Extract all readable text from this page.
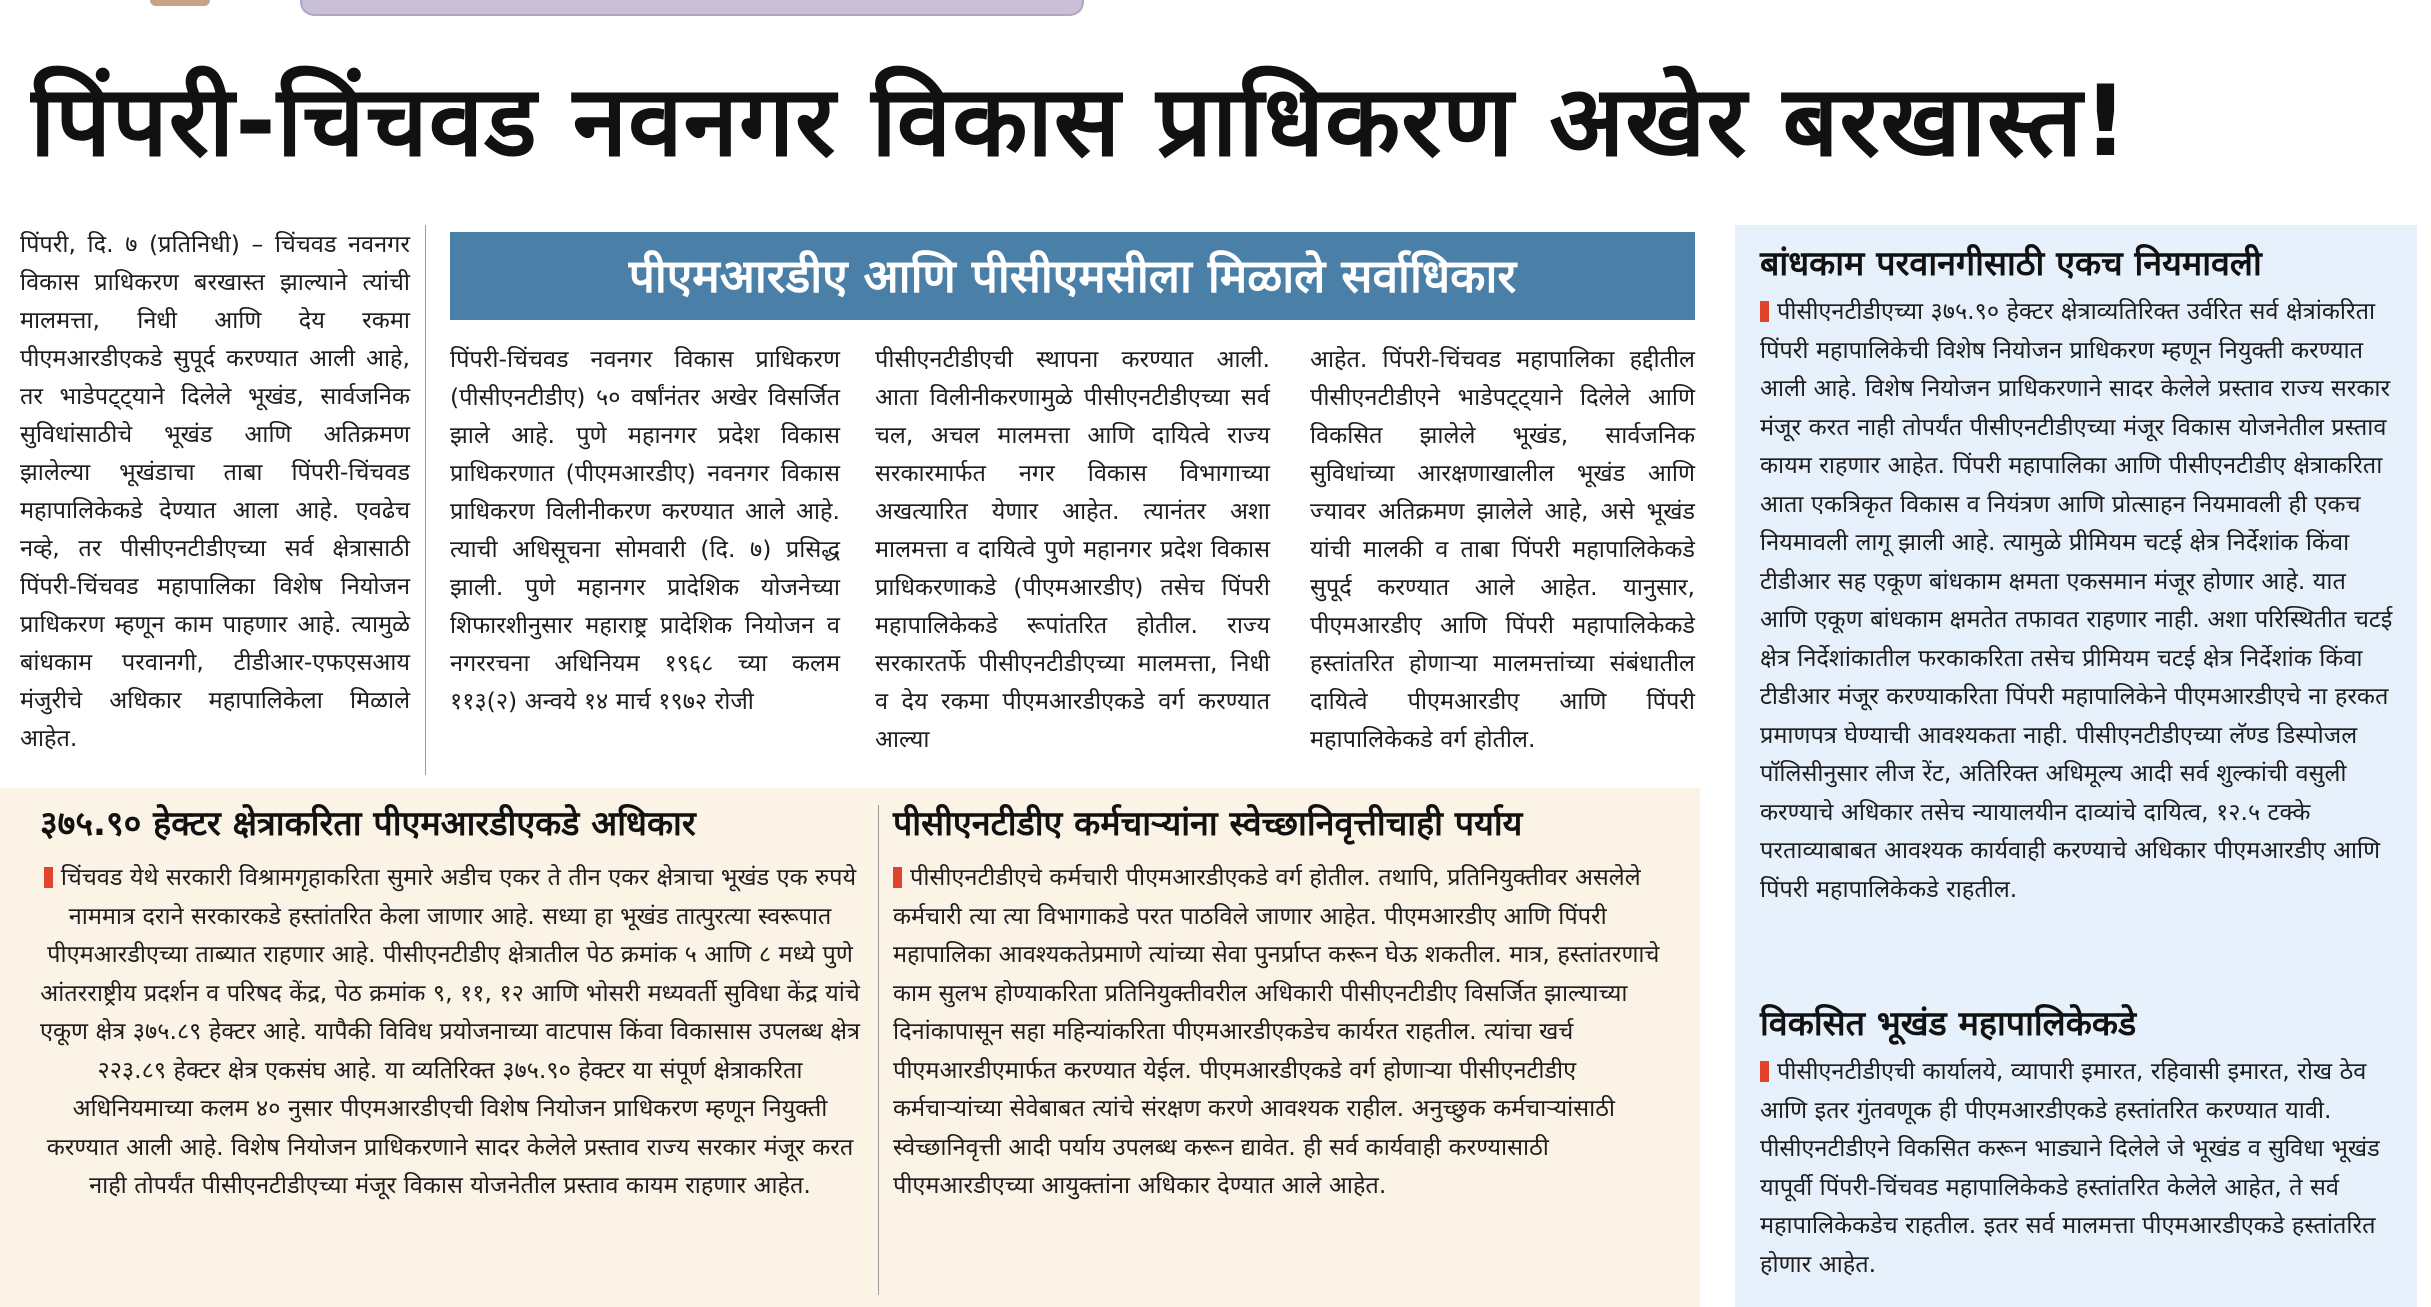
पिंपरी-चिंचवड नवनगर विकास प्राधिकरण अखेर बरखास्त!
पिंपरी, दि. ७ (प्रतिनिधी) – चिंचवड नवनगर विकास प्राधिकरण बरखास्त झाल्याने त्यांची मालमत्ता, निधी आणि देय रकमा पीएमआरडीएकडे सुपूर्द करण्यात आली आहे, तर भाडेपट्ट्याने दिलेले भूखंड, सार्वजनिक सुविधांसाठीचे भूखंड आणि अतिक्रमण झालेल्या भूखंडाचा ताबा पिंपरी-चिंचवड महापालिकेकडे देण्यात आला आहे. एवढेच नव्हे, तर पीसीएनटीडीएच्या सर्व क्षेत्रासाठी पिंपरी-चिंचवड महापालिका विशेष नियोजन प्राधिकरण म्हणून काम पाहणार आहे. त्यामुळे बांधकाम परवानगी, टीडीआर-एफएसआय मंजुरीचे अधिकार महापालिकेला मिळाले आहेत.
पीएमआरडीए आणि पीसीएमसीला मिळाले सर्वाधिकार
पिंपरी-चिंचवड नवनगर विकास प्राधिकरण (पीसीएनटीडीए) ५० वर्षांनंतर अखेर विसर्जित झाले आहे. पुणे महानगर प्रदेश विकास प्राधिकरणात (पीएमआरडीए) नवनगर विकास प्राधिकरण विलीनीकरण करण्यात आले आहे. त्याची अधिसूचना सोमवारी (दि. ७) प्रसिद्ध झाली. पुणे महानगर प्रादेशिक योजनेच्या शिफारशीनुसार महाराष्ट्र प्रादेशिक नियोजन व नगररचना अधिनियम १९६८ च्या कलम ११३(२) अन्वये १४ मार्च १९७२ रोजी
पीसीएनटीडीएची स्थापना करण्यात आली. आता विलीनीकरणामुळे पीसीएनटीडीएच्या सर्व चल, अचल मालमत्ता आणि दायित्वे राज्य सरकारमार्फत नगर विकास विभागाच्या अखत्यारित येणार आहेत. त्यानंतर अशा मालमत्ता व दायित्वे पुणे महानगर प्रदेश विकास प्राधिकरणाकडे (पीएमआरडीए) तसेच पिंपरी महापालिकेकडे रूपांतरित होतील. राज्य सरकारतर्फे पीसीएनटीडीएच्या मालमत्ता, निधी व देय रकमा पीएमआरडीएकडे वर्ग करण्यात आल्या
आहेत. पिंपरी-चिंचवड महापालिका हद्दीतील पीसीएनटीडीएने भाडेपट्ट्याने दिलेले आणि विकसित झालेले भूखंड, सार्वजनिक सुविधांच्या आरक्षणाखालील भूखंड आणि ज्यावर अतिक्रमण झालेले आहे, असे भूखंड यांची मालकी व ताबा पिंपरी महापालिकेकडे सुपूर्द करण्यात आले आहेत. यानुसार, पीएमआरडीए आणि पिंपरी महापालिकेकडे हस्तांतरित होणाऱ्या मालमत्तांच्या संबंधातील दायित्वे पीएमआरडीए आणि पिंपरी महापालिकेकडे वर्ग होतील.
बांधकाम परवानगीसाठी एकच नियमावली
पीसीएनटीडीएच्या ३७५.९० हेक्टर क्षेत्राव्यतिरिक्त उर्वरित सर्व क्षेत्रांकरिता पिंपरी महापालिकेची विशेष नियोजन प्राधिकरण म्हणून नियुक्ती करण्यात आली आहे. विशेष नियोजन प्राधिकरणाने सादर केलेले प्रस्ताव राज्य सरकार मंजूर करत नाही तोपर्यंत पीसीएनटीडीएच्या मंजूर विकास योजनेतील प्रस्ताव कायम राहणार आहेत. पिंपरी महापालिका आणि पीसीएनटीडीए क्षेत्राकरिता आता एकत्रिकृत विकास व नियंत्रण आणि प्रोत्साहन नियमावली ही एकच नियमावली लागू झाली आहे. त्यामुळे प्रीमियम चटई क्षेत्र निर्देशांक किंवा टीडीआर सह एकूण बांधकाम क्षमता एकसमान मंजूर होणार आहे. यात आणि एकूण बांधकाम क्षमतेत तफावत राहणार नाही. अशा परिस्थितीत चटई क्षेत्र निर्देशांकातील फरकाकरिता तसेच प्रीमियम चटई क्षेत्र निर्देशांक किंवा टीडीआर मंजूर करण्याकरिता पिंपरी महापालिकेने पीएमआरडीएचे ना हरकत प्रमाणपत्र घेण्याची आवश्यकता नाही. पीसीएनटीडीएच्या लॅण्ड डिस्पोजल पॉलिसीनुसार लीज रेंट, अतिरिक्त अधिमूल्य आदी सर्व शुल्कांची वसुली करण्याचे अधिकार तसेच न्यायालयीन दाव्यांचे दायित्व, १२.५ टक्के परताव्याबाबत आवश्यक कार्यवाही करण्याचे अधिकार पीएमआरडीए आणि पिंपरी महापालिकेकडे राहतील.
विकसित भूखंड महापालिकेकडे
पीसीएनटीडीएची कार्यालये, व्यापारी इमारत, रहिवासी इमारत, रोख ठेव आणि इतर गुंतवणूक ही पीएमआरडीएकडे हस्तांतरित करण्यात यावी. पीसीएनटीडीएने विकसित करून भाड्याने दिलेले जे भूखंड व सुविधा भूखंड यापूर्वी पिंपरी-चिंचवड महापालिकेकडे हस्तांतरित केलेले आहेत, ते सर्व महापालिकेकडेच राहतील. इतर सर्व मालमत्ता पीएमआरडीएकडे हस्तांतरित होणार आहेत.
३७५.९० हेक्टर क्षेत्राकरिता पीएमआरडीएकडे अधिकार
चिंचवड येथे सरकारी विश्रामगृहाकरिता सुमारे अडीच एकर ते तीन एकर क्षेत्राचा भूखंड एक रुपये नाममात्र दराने सरकारकडे हस्तांतरित केला जाणार आहे. सध्या हा भूखंड तात्पुरत्या स्वरूपात पीएमआरडीएच्या ताब्यात राहणार आहे. पीसीएनटीडीए क्षेत्रातील पेठ क्रमांक ५ आणि ८ मध्ये पुणे आंतरराष्ट्रीय प्रदर्शन व परिषद केंद्र, पेठ क्रमांक ९, ११, १२ आणि भोसरी मध्यवर्ती सुविधा केंद्र यांचे एकूण क्षेत्र ३७५.८९ हेक्टर आहे. यापैकी विविध प्रयोजनाच्या वाटपास किंवा विकासास उपलब्ध क्षेत्र २२३.८९ हेक्टर क्षेत्र एकसंघ आहे. या व्यतिरिक्त ३७५.९० हेक्टर या संपूर्ण क्षेत्राकरिता अधिनियमाच्या कलम ४० नुसार पीएमआरडीएची विशेष नियोजन प्राधिकरण म्हणून नियुक्ती करण्यात आली आहे. विशेष नियोजन प्राधिकरणाने सादर केलेले प्रस्ताव राज्य सरकार मंजूर करत नाही तोपर्यंत पीसीएनटीडीएच्या मंजूर विकास योजनेतील प्रस्ताव कायम राहणार आहेत.
पीसीएनटीडीए कर्मचाऱ्यांना स्वेच्छानिवृत्तीचाही पर्याय
पीसीएनटीडीएचे कर्मचारी पीएमआरडीएकडे वर्ग होतील. तथापि, प्रतिनियुक्तीवर असलेले कर्मचारी त्या त्या विभागाकडे परत पाठविले जाणार आहेत. पीएमआरडीए आणि पिंपरी महापालिका आवश्यकतेप्रमाणे त्यांच्या सेवा पुनर्प्राप्त करून घेऊ शकतील. मात्र, हस्तांतरणाचे काम सुलभ होण्याकरिता प्रतिनियुक्तीवरील अधिकारी पीसीएनटीडीए विसर्जित झाल्याच्या दिनांकापासून सहा महिन्यांकरिता पीएमआरडीएकडेच कार्यरत राहतील. त्यांचा खर्च पीएमआरडीएमार्फत करण्यात येईल. पीएमआरडीएकडे वर्ग होणाऱ्या पीसीएनटीडीए कर्मचाऱ्यांच्या सेवेबाबत त्यांचे संरक्षण करणे आवश्यक राहील. अनुच्छुक कर्मचाऱ्यांसाठी स्वेच्छानिवृत्ती आदी पर्याय उपलब्ध करून द्यावेत. ही सर्व कार्यवाही करण्यासाठी पीएमआरडीएच्या आयुक्तांना अधिकार देण्यात आले आहेत.
